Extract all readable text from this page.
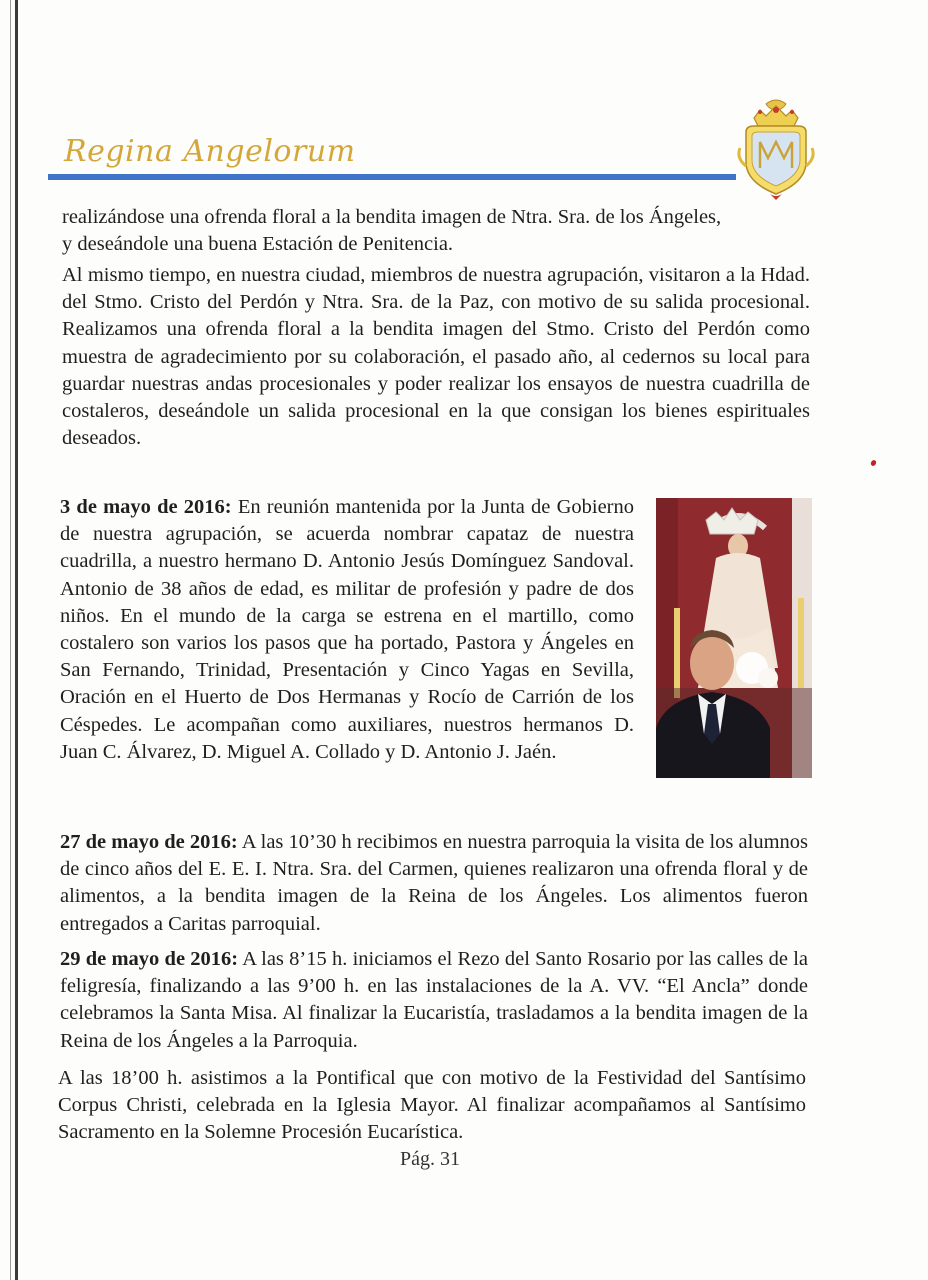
Regina Angelorum

realizándose una ofrenda floral a la bendita imagen de Ntra. Sra. de los Ángeles, y deseándole una buena Estación de Penitencia.

Al mismo tiempo, en nuestra ciudad, miembros de nuestra agrupación, visitaron a la Hdad. del Stmo. Cristo del Perdón y Ntra. Sra. de la Paz, con motivo de su salida procesional. Realizamos una ofrenda floral a la bendita imagen del Stmo. Cristo del Perdón como muestra de agradecimiento por su colaboración, el pasado año, al cedernos su local para guardar nuestras andas procesionales y poder realizar los ensayos de nuestra cuadrilla de costaleros, deseándole un salida procesional en la que consigan los bienes espirituales deseados.

3 de mayo de 2016: En reunión mantenida por la Junta de Gobierno de nuestra agrupación, se acuerda nombrar capataz de nuestra cuadrilla, a nuestro hermano D. Antonio Jesús Domínguez Sandoval. Antonio de 38 años de edad, es militar de profesión y padre de dos niños. En el mundo de la carga se estrena en el martillo, como costalero son varios los pasos que ha portado, Pastora y Ángeles en San Fernando, Trinidad, Presentación y Cinco Yagas en Sevilla, Oración en el Huerto de Dos Hermanas y Rocío de Carrión de los Céspedes. Le acompañan como auxiliares, nuestros hermanos D. Juan C. Álvarez, D. Miguel A. Collado y D. Antonio J. Jaén.

27 de mayo de 2016: A las 10’30 h recibimos en nuestra parroquia la visita de los alumnos de cinco años del E. E. I. Ntra. Sra. del Carmen, quienes realizaron una ofrenda floral y de alimentos, a la bendita imagen de la Reina de los Ángeles. Los alimentos fueron entregados a Caritas parroquial.

29 de mayo de 2016: A las 8’15 h. iniciamos el Rezo del Santo Rosario por las calles de la feligresía, finalizando a las 9’00 h. en las instalaciones de la A. VV. “El Ancla” donde celebramos la Santa Misa. Al finalizar la Eucaristía, trasladamos a la bendita imagen de la Reina de los Ángeles a la Parroquia.

A las 18’00 h. asistimos a la Pontifical que con motivo de la Festividad del Santísimo Corpus Christi, celebrada en la Iglesia Mayor. Al finalizar acompañamos al Santísimo Sacramento en la Solemne Procesión Eucarística.

Pág. 31
